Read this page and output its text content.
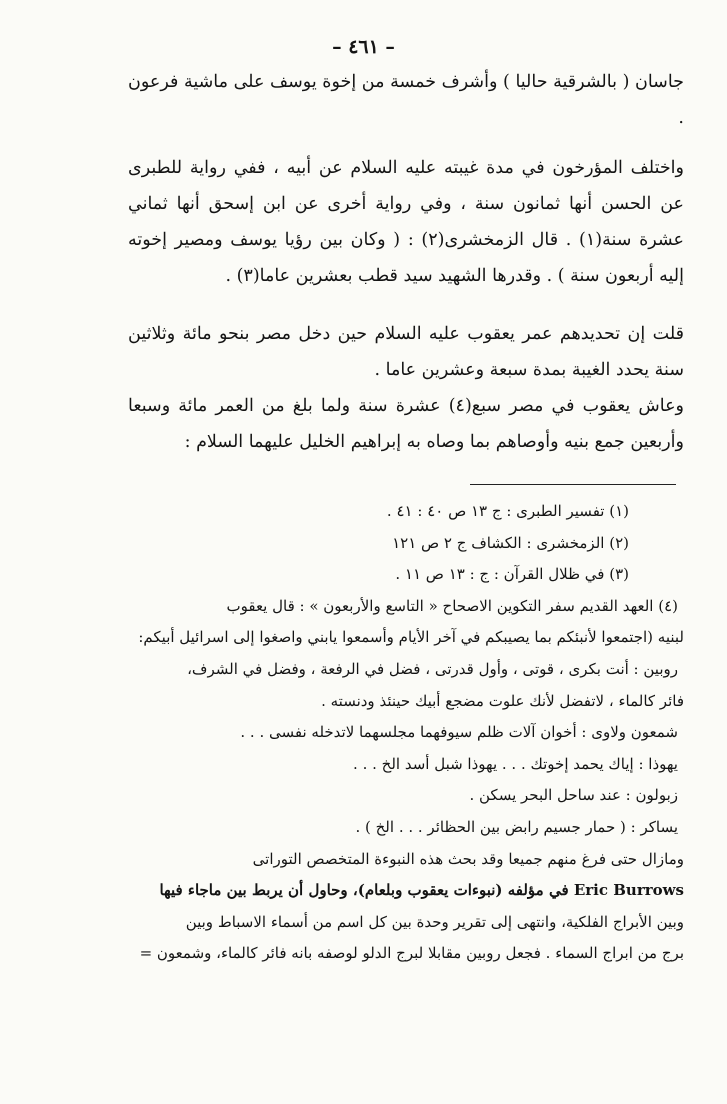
– ٤٦١ –

جاسان ( بالشرقية حاليا ) وأشرف خمسة من إخوة يوسف على ماشية فرعون .

واختلف المؤرخون في مدة غيبته عليه السلام عن أبيه ، ففي رواية للطبرى عن الحسن أنها ثمانون سنة ، وفي رواية أخرى عن ابن إسحق أنها ثماني عشرة سنة(١) . قال الزمخشرى(٢) : ( وكان بين رؤيا يوسف ومصير إخوته إليه أربعون سنة ) . وقدرها الشهيد سيد قطب بعشرين عاما(٣) .

قلت إن تحديدهم عمر يعقوب عليه السلام حين دخل مصر بنحو مائة وثلاثين سنة يحدد الغيبة بمدة سبعة وعشرين عاما .

وعاش يعقوب في مصر سبع(٤) عشرة سنة ولما بلغ من العمر مائة وسبعا وأربعين جمع بنيه وأوصاهم بما وصاه به إبراهيم الخليل عليهما السلام :

(١) تفسير الطبرى : ج ١٣ ص ٤٠ : ٤١ .

(٢) الزمخشرى : الكشاف ج ٢ ص ١٢١

(٣) في ظلال القرآن : ج : ١٣ ص ١١ .

(٤) العهد القديم سفر التكوين الاصحاح « التاسع والأربعون » : قال يعقوب

لبنيه (اجتمعوا لأنبئكم بما يصيبكم في آخر الأيام وأسمعوا يابني واصغوا إلى اسرائيل أبيكم:

روبين : أنت بكرى ، قوتى ، وأول قدرتى ، فضل في الرفعة ، وفضل في الشرف،

فائر كالماء ، لاتفضل لأنك علوت مضجع أبيك حينئذ ودنسته .

شمعون ولاوى : أخوان آلات ظلم سيوفهما مجلسهما لاتدخله نفسى . . .

يهوذا : إياك يحمد إخوتك . . . يهوذا شبل أسد الخ . . .

زبولون : عند ساحل البحر يسكن .

يساكر : ( حمار جسيم رابض بين الحظائر . . . الخ ) .

ومازال حتى فرغ منهم جميعا وقد بحث هذه النبوءة المتخصص التوراتى

Eric Burrows في مؤلفه (نبوءات يعقوب وبلعام)، وحاول أن يربط بين ماجاء فيها

وبين الأبراج الفلكية، وانتهى إلى تقرير وحدة بين كل اسم من أسماء الاسباط وبين

برج من ابراج السماء . فجعل روبين مقابلا لبرج الدلو لوصفه بانه فائر كالماء، وشمعون =
